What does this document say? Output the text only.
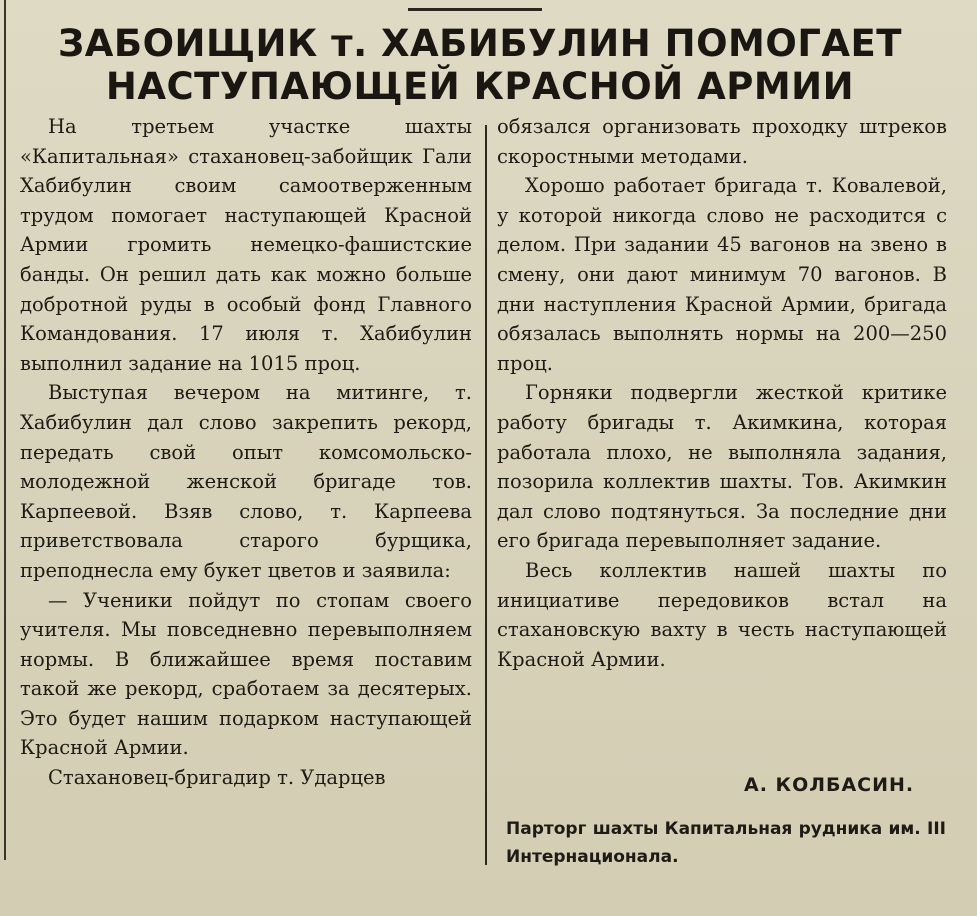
ЗАБОИЩИК т. ХАБИБУЛИН ПОМОГАЕТ
НАСТУПАЮЩЕЙ КРАСНОЙ АРМИИ

На третьем участке шахты «Капитальная» стахановец-забойщик Гали Хабибулин своим самоотверженным трудом помогает наступающей Красной Армии громить немецко-фашистские банды. Он решил дать как можно больше добротной руды в особый фонд Главного Командования. 17 июля т. Хабибулин выполнил задание на 1015 проц.

Выступая вечером на митинге, т. Хабибулин дал слово закрепить рекорд, передать свой опыт комсомольско-молодежной женской бригаде тов. Карпеевой. Взяв слово, т. Карпеева приветствовала старого бурщика, преподнесла ему букет цветов и заявила:

— Ученики пойдут по стопам своего учителя. Мы повседневно перевыполняем нормы. В ближайшее время поставим такой же рекорд, сработаем за десятерых. Это будет нашим подарком наступающей Красной Армии.

Стахановец-бригадир т. Ударцев

обязался организовать проходку штреков скоростными методами.

Хорошо работает бригада т. Ковалевой, у которой никогда слово не расходится с делом. При задании 45 вагонов на звено в смену, они дают минимум 70 вагонов. В дни наступления Красной Армии, бригада обязалась выполнять нормы на 200—250 проц.

Горняки подвергли жесткой критике работу бригады т. Акимкина, которая работала плохо, не выполняла задания, позорила коллектив шахты. Тов. Акимкин дал слово подтянуться. За последние дни его бригада перевыполняет задание.

Весь коллектив нашей шахты по инициативе передовиков встал на стахановскую вахту в честь наступающей Красной Армии.

А. КОЛБАСИН.
Парторг шахты Капитальная рудника им. III Интернационала.
